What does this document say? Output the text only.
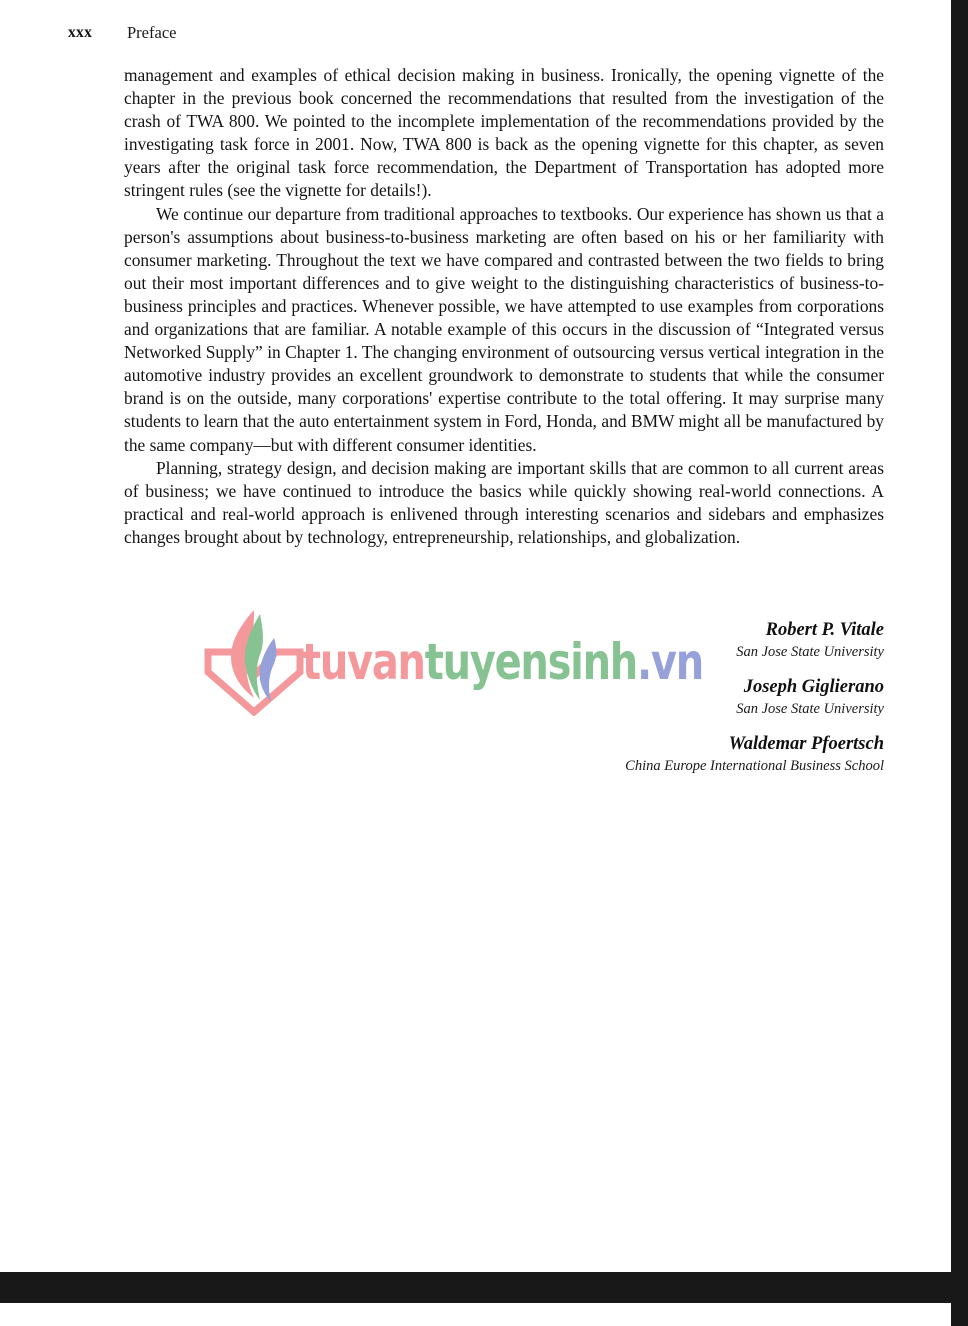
xxx Preface

management and examples of ethical decision making in business. Ironically, the opening vignette of the chapter in the previous book concerned the recommendations that resulted from the investigation of the crash of TWA 800. We pointed to the incomplete implementation of the recommendations provided by the investigating task force in 2001. Now, TWA 800 is back as the opening vignette for this chapter, as seven years after the original task force recommendation, the Department of Transportation has adopted more stringent rules (see the vignette for details!).

We continue our departure from traditional approaches to textbooks. Our experience has shown us that a person's assumptions about business-to-business marketing are often based on his or her familiarity with consumer marketing. Throughout the text we have compared and contrasted between the two fields to bring out their most important differences and to give weight to the distinguishing characteristics of business-to-business principles and practices. Whenever possible, we have attempted to use examples from corporations and organizations that are familiar. A notable example of this occurs in the discussion of “Integrated versus Networked Supply” in Chapter 1. The changing environment of outsourcing versus vertical integration in the automotive industry provides an excellent groundwork to demonstrate to students that while the consumer brand is on the outside, many corporations' expertise contribute to the total offering. It may surprise many students to learn that the auto entertainment system in Ford, Honda, and BMW might all be manufactured by the same company—but with different consumer identities.

Planning, strategy design, and decision making are important skills that are common to all current areas of business; we have continued to introduce the basics while quickly showing real-world connections. A practical and real-world approach is enlivened through interesting scenarios and sidebars and emphasizes changes brought about by technology, entrepreneurship, relationships, and globalization.

Robert P. Vitale
San Jose State University
Joseph Giglierano
San Jose State University
Waldemar Pfoertsch
China Europe International Business School
tuvantuyensinh.vn
